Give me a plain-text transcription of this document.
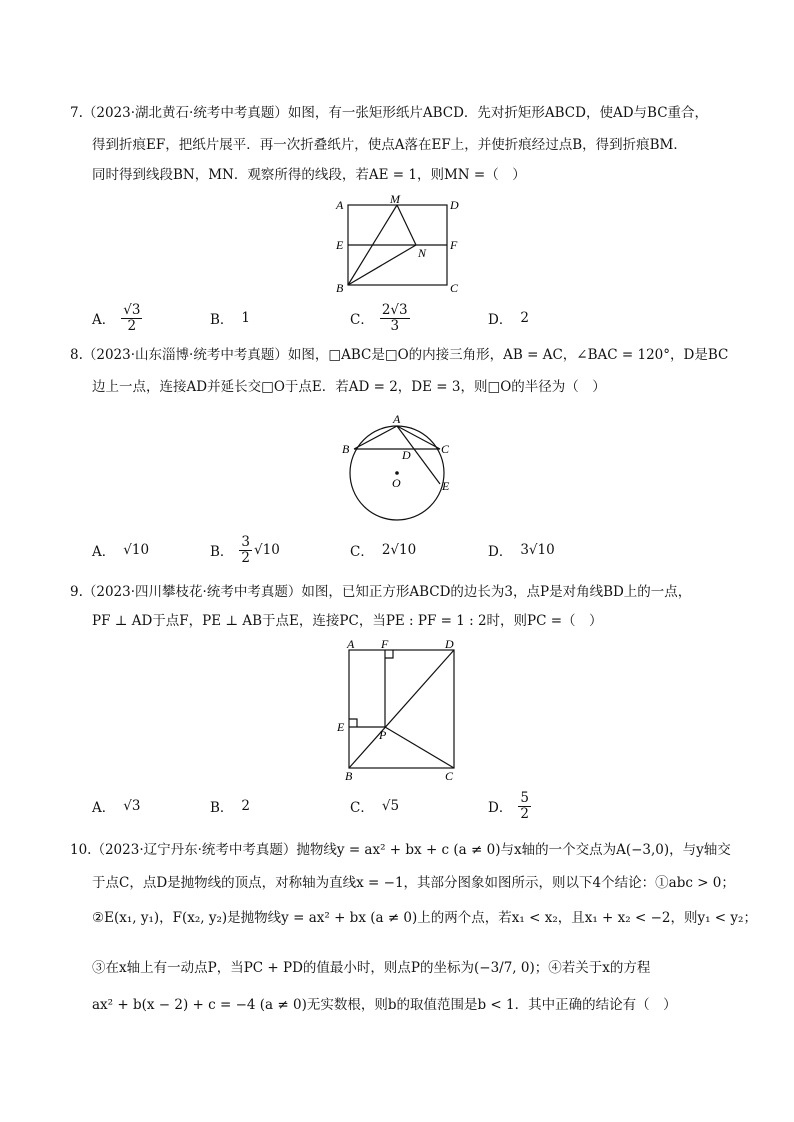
7.（2023·湖北黄石·统考中考真题）如图，有一张矩形纸片ABCD．先对折矩形ABCD，使AD与BC重合，
得到折痕EF，把纸片展平．再一次折叠纸片，使点A落在EF上，并使折痕经过点B，得到折痕BM．
同时得到线段BN，MN．观察所得的线段，若AE = 1，则MN =（　）
A	M	D
E	F
N
B	C
A． $\frac{√3}{2}$	B． 1	C． $\frac{2√3}{3}$	D． 2
8.（2023·山东淄博·统考中考真题）如图，□ABC是□O的内接三角形，AB = AC，∠BAC = 120°，D是BC
边上一点，连接AD并延长交□O于点E．若AD = 2，DE = 3，则□O的半径为（　）
A
B	C
D
E
O
A． √10	B． $\frac{3}{2} √10$	C． 2√10	D． 3√10
9.（2023·四川攀枝花·统考中考真题）如图，已知正方形ABCD的边长为3，点P是对角线BD上的一点，
PF ⊥ AD于点F，PE ⊥ AB于点E，连接PC，当PE : PF = 1 : 2时，则PC =（　）
A F	D
E
P
B	C
A． √3	B． 2	C． √5	D． $\frac{5}{2}$
10.（2023·辽宁丹东·统考中考真题）抛物线y = ax² + bx + c (a ≠ 0)与x轴的一个交点为A(−3,0)，与y轴交
于点C，点D是抛物线的顶点，对称轴为直线x = −1，其部分图象如图所示，则以下4个结论：①abc > 0；
②E(x₁, y₁)，F(x₂, y₂)是抛物线y = ax² + bx (a ≠ 0)上的两个点，若x₁ < x₂，且x₁ + x₂ < −2，则y₁ < y₂；
③在x轴上有一动点P，当PC + PD的值最小时，则点P的坐标为(−3/7, 0)；④若关于x的方程
ax² + b(x − 2) + c = −4 (a ≠ 0)无实数根，则b的取值范围是b < 1．其中正确的结论有（　）
